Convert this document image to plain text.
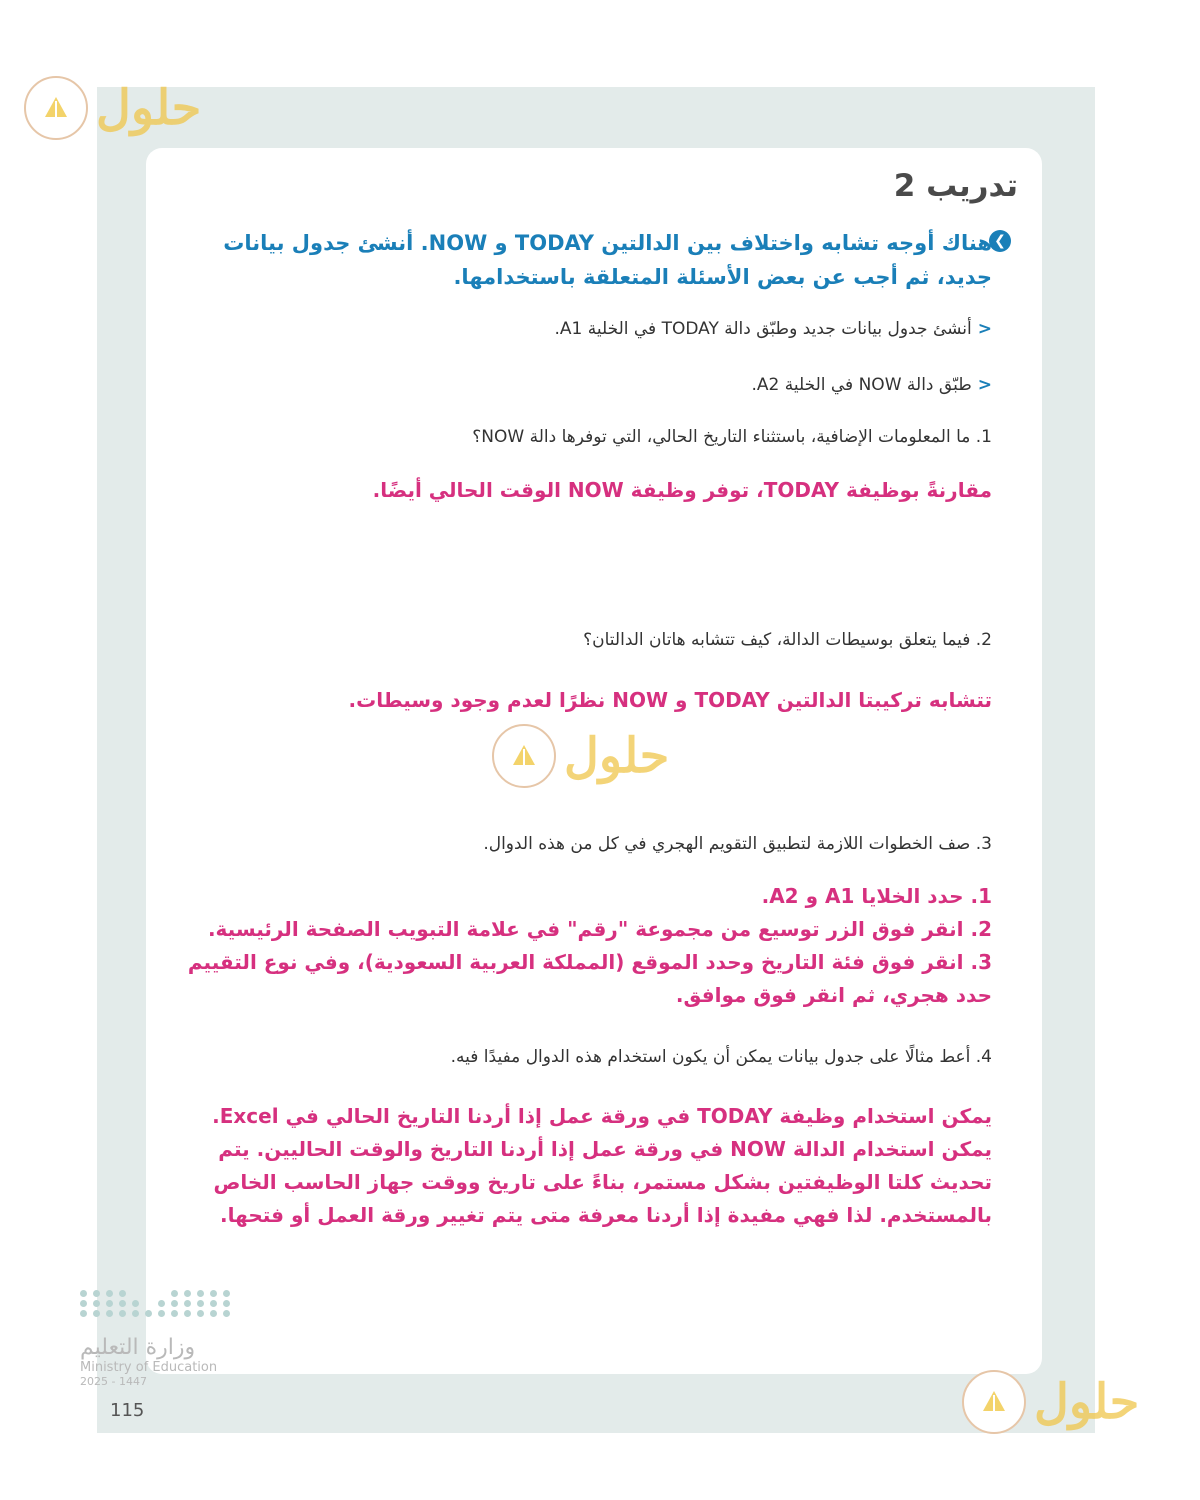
حلول
حلول
حلول
تدريب 2
❮
هناك أوجه تشابه واختلاف بين الدالتين TODAY و NOW. أنشئ جدول بيانات جديد، ثم أجب عن بعض الأسئلة المتعلقة باستخدامها.
<أنشئ جدول بيانات جديد وطبّق دالة TODAY في الخلية A1.
<طبّق دالة NOW في الخلية A2.
1. ما المعلومات الإضافية، باستثناء التاريخ الحالي، التي توفرها دالة NOW؟
مقارنةً بوظيفة TODAY، توفر وظيفة NOW الوقت الحالي أيضًا.
2. فيما يتعلق بوسيطات الدالة، كيف تتشابه هاتان الدالتان؟
تتشابه تركيبتا الدالتين TODAY و NOW نظرًا لعدم وجود وسيطات.
3. صف الخطوات اللازمة لتطبيق التقويم الهجري في كل من هذه الدوال.
1. حدد الخلايا A1 و A2.
2. انقر فوق الزر توسيع من مجموعة "رقم" في علامة التبويب الصفحة الرئيسية.
3. انقر فوق فئة التاريخ وحدد الموقع (المملكة العربية السعودية)، وفي نوع التقييم حدد هجري، ثم انقر فوق موافق.
4. أعط مثالًا على جدول بيانات يمكن أن يكون استخدام هذه الدوال مفيدًا فيه.
يمكن استخدام وظيفة TODAY في ورقة عمل إذا أردنا التاريخ الحالي في Excel. يمكن استخدام الدالة NOW في ورقة عمل إذا أردنا التاريخ والوقت الحاليين. يتم تحديث كلتا الوظيفتين بشكل مستمر، بناءً على تاريخ ووقت جهاز الحاسب الخاص بالمستخدم. لذا فهي مفيدة إذا أردنا معرفة متى يتم تغيير ورقة العمل أو فتحها.
وزارة التعليم
Ministry of Education
2025 - 1447
115
